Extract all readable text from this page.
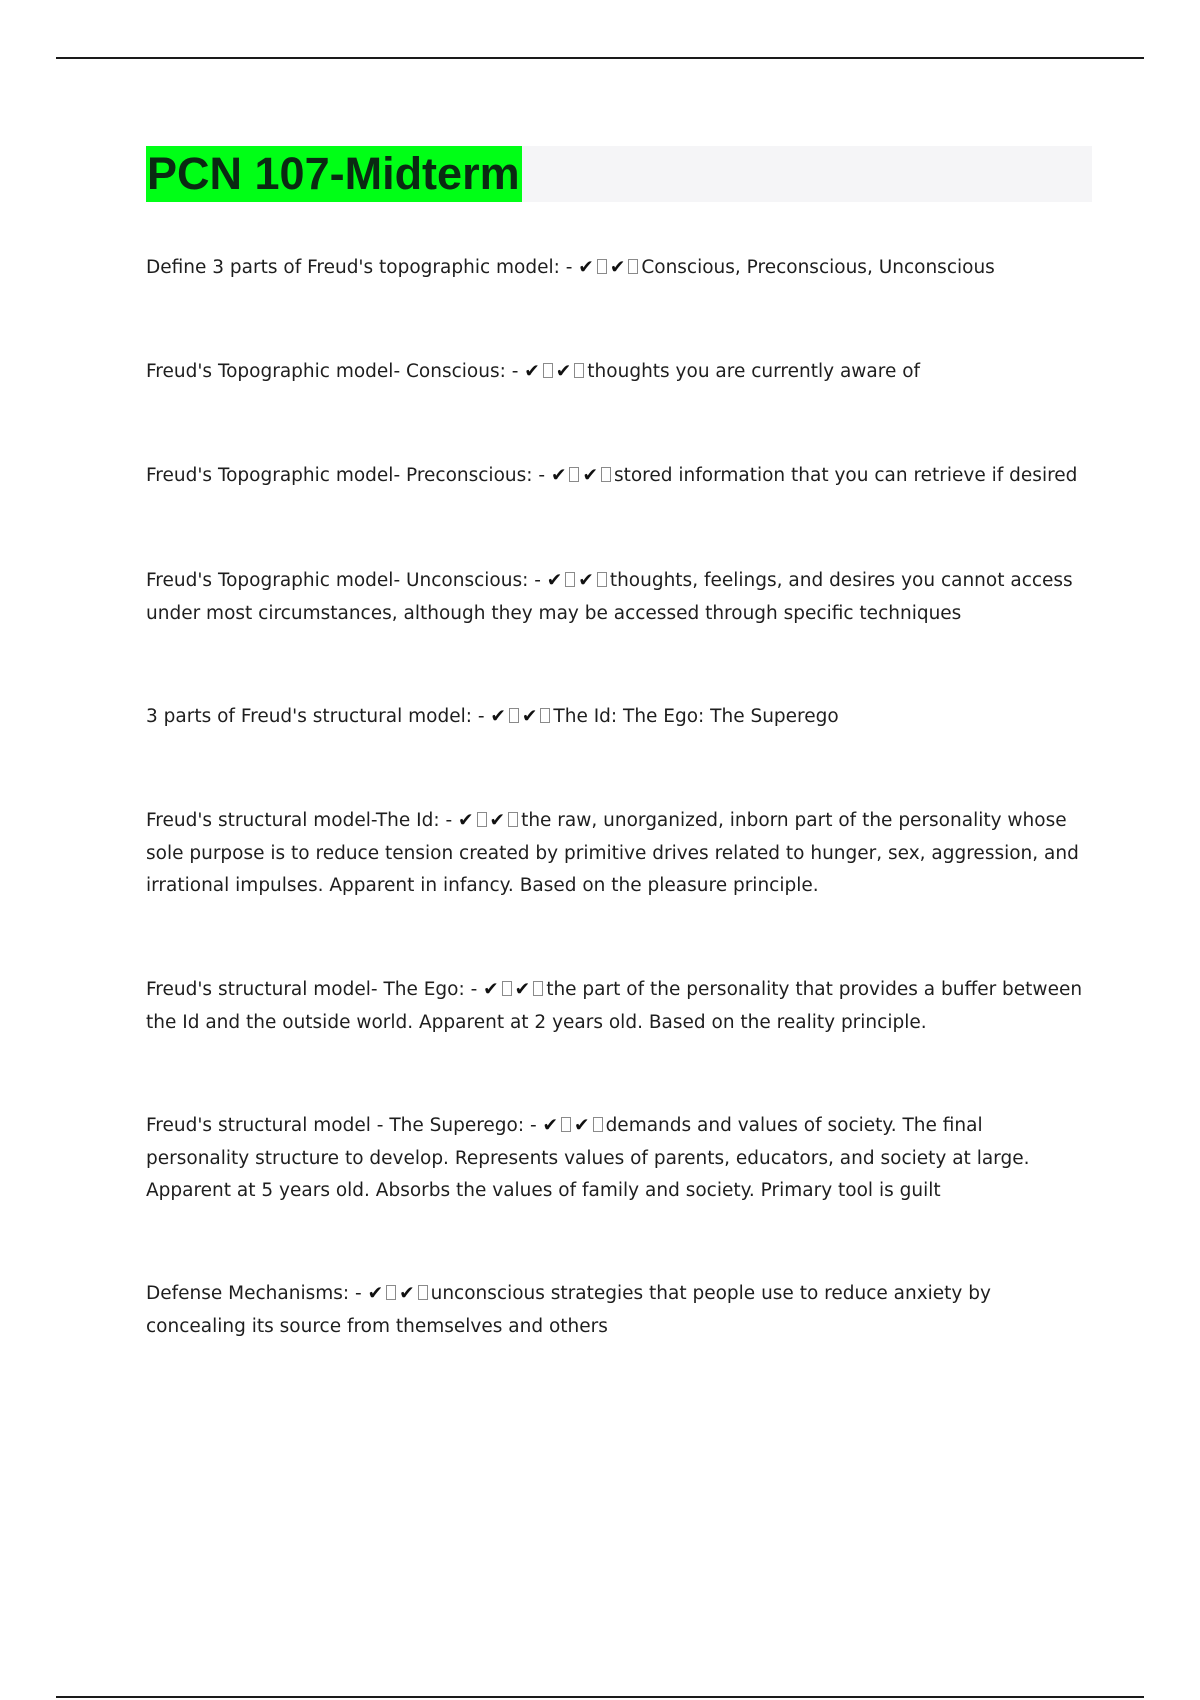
PCN 107-Midterm
Define 3 parts of Freud's topographic model: - ✔ ✔ Conscious, Preconscious, Unconscious
Freud's Topographic model- Conscious: - ✔ ✔ thoughts you are currently aware of
Freud's Topographic model- Preconscious: - ✔ ✔ stored information that you can retrieve if desired
Freud's Topographic model- Unconscious: - ✔ ✔ thoughts, feelings, and desires you cannot access under most circumstances, although they may be accessed through specific techniques
3 parts of Freud's structural model: - ✔ ✔ The Id: The Ego: The Superego
Freud's structural model-The Id: - ✔ ✔ the raw, unorganized, inborn part of the personality whose sole purpose is to reduce tension created by primitive drives related to hunger, sex, aggression, and irrational impulses. Apparent in infancy. Based on the pleasure principle.
Freud's structural model- The Ego: - ✔ ✔ the part of the personality that provides a buffer between the Id and the outside world. Apparent at 2 years old. Based on the reality principle.
Freud's structural model - The Superego: - ✔ ✔ demands and values of society. The final personality structure to develop. Represents values of parents, educators, and society at large. Apparent at 5 years old. Absorbs the values of family and society. Primary tool is guilt
Defense Mechanisms: - ✔ ✔ unconscious strategies that people use to reduce anxiety by concealing its source from themselves and others
